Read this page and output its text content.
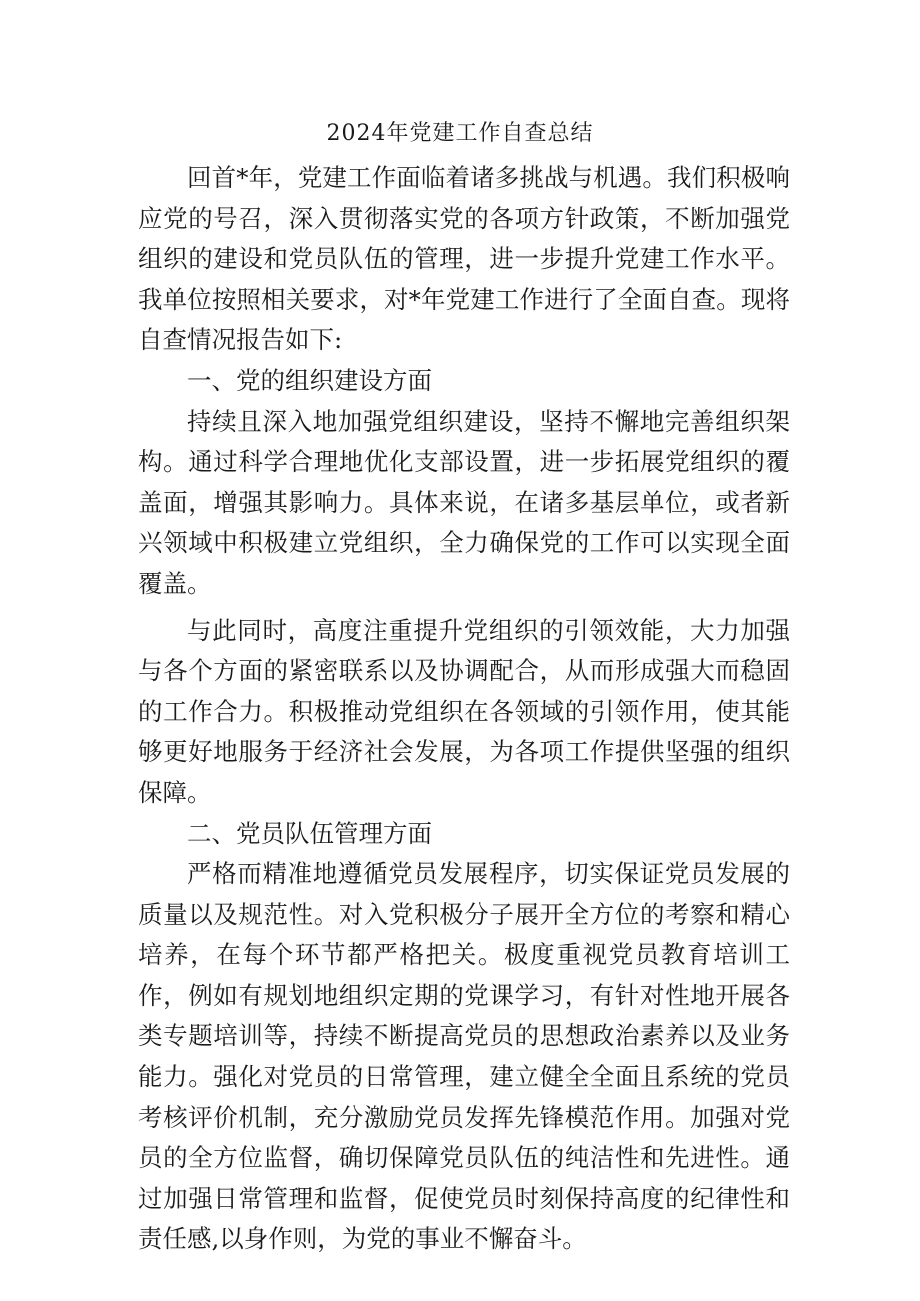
2024年党建工作自查总结

回首*年，党建工作面临着诸多挑战与机遇。我们积极响应党的号召，深入贯彻落实党的各项方针政策，不断加强党组织的建设和党员队伍的管理，进一步提升党建工作水平。我单位按照相关要求，对*年党建工作进行了全面自查。现将自查情况报告如下:

一、党的组织建设方面

持续且深入地加强党组织建设，坚持不懈地完善组织架构。通过科学合理地优化支部设置，进一步拓展党组织的覆盖面，增强其影响力。具体来说，在诸多基层单位，或者新兴领域中积极建立党组织，全力确保党的工作可以实现全面覆盖。

与此同时，高度注重提升党组织的引领效能，大力加强与各个方面的紧密联系以及协调配合，从而形成强大而稳固的工作合力。积极推动党组织在各领域的引领作用，使其能够更好地服务于经济社会发展，为各项工作提供坚强的组织保障。

二、党员队伍管理方面

严格而精准地遵循党员发展程序，切实保证党员发展的质量以及规范性。对入党积极分子展开全方位的考察和精心培养，在每个环节都严格把关。极度重视党员教育培训工作，例如有规划地组织定期的党课学习，有针对性地开展各类专题培训等，持续不断提高党员的思想政治素养以及业务能力。强化对党员的日常管理，建立健全全面且系统的党员考核评价机制，充分激励党员发挥先锋模范作用。加强对党员的全方位监督，确切保障党员队伍的纯洁性和先进性。通过加强日常管理和监督，促使党员时刻保持高度的纪律性和责任感,以身作则，为党的事业不懈奋斗。
